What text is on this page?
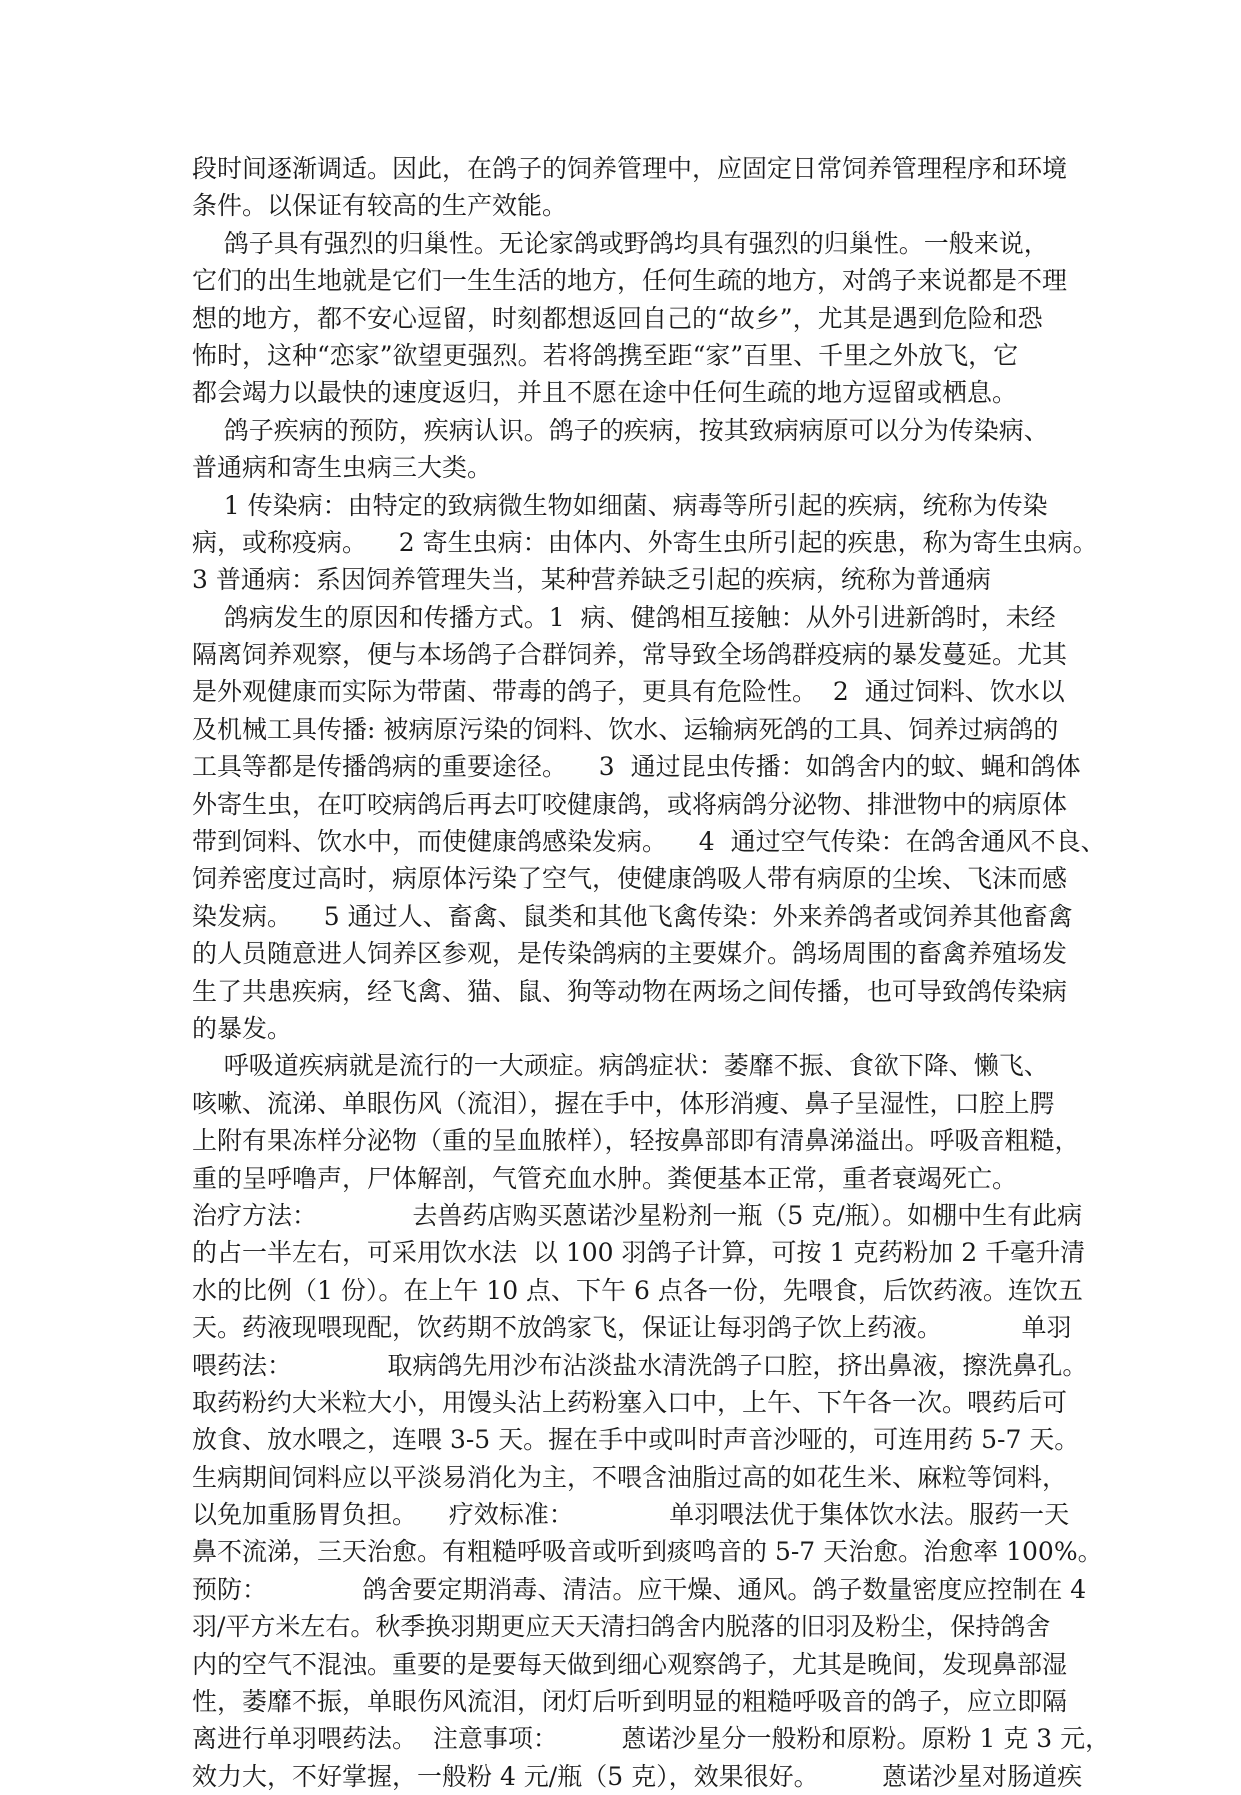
段时间逐渐调适。因此，在鸽子的饲养管理中，应固定日常饲养管理程序和环境
条件。以保证有较高的生产效能。
鸽子具有强烈的归巢性。无论家鸽或野鸽均具有强烈的归巢性。一般来说，
它们的出生地就是它们一生生活的地方，任何生疏的地方，对鸽子来说都是不理
想的地方，都不安心逗留，时刻都想返回自己的“故乡”，尤其是遇到危险和恐
怖时，这种“恋家”欲望更强烈。若将鸽携至距“家”百里、千里之外放飞，它
都会竭力以最快的速度返归，并且不愿在途中任何生疏的地方逗留或栖息。
鸽子疾病的预防，疾病认识。鸽子的疾病，按其致病病原可以分为传染病、
普通病和寄生虫病三大类。
1 传染病：由特定的致病微生物如细菌、病毒等所引起的疾病，统称为传染
病，或称疫病。    2 寄生虫病：由体内、外寄生虫所引起的疾患，称为寄生虫病。
3 普通病：系因饲养管理失当，某种营养缺乏引起的疾病，统称为普通病
鸽病发生的原因和传播方式。1  病、健鸽相互接触：从外引进新鸽时，未经
隔离饲养观察，便与本场鸽子合群饲养，常导致全场鸽群疫病的暴发蔓延。尤其
是外观健康而实际为带菌、带毒的鸽子，更具有危险性。  2  通过饲料、饮水以
及机械工具传播: 被病原污染的饲料、饮水、运输病死鸽的工具、饲养过病鸽的
工具等都是传播鸽病的重要途径。    3  通过昆虫传播：如鸽舍内的蚊、蝇和鸽体
外寄生虫，在叮咬病鸽后再去叮咬健康鸽，或将病鸽分泌物、排泄物中的病原体
带到饲料、饮水中，而使健康鸽感染发病。    4  通过空气传染：在鸽舍通风不良、
饲养密度过高时，病原体污染了空气，使健康鸽吸人带有病原的尘埃、飞沫而感
染发病。    5 通过人、畜禽、鼠类和其他飞禽传染：外来养鸽者或饲养其他畜禽
的人员随意进人饲养区参观，是传染鸽病的主要媒介。鸽场周围的畜禽养殖场发
生了共患疾病，经飞禽、猫、鼠、狗等动物在两场之间传播，也可导致鸽传染病
的暴发。
呼吸道疾病就是流行的一大顽症。病鸽症状：萎靡不振、食欲下降、懒飞、
咳嗽、流涕、单眼伤风（流泪），握在手中，体形消瘦、鼻子呈湿性，口腔上腭
上附有果冻样分泌物（重的呈血脓样），轻按鼻部即有清鼻涕溢出。呼吸音粗糙，
重的呈呼噜声，尸体解剖，气管充血水肿。粪便基本正常，重者衰竭死亡。
治疗方法：            去兽药店购买蒽诺沙星粉剂一瓶（5 克/瓶）。如棚中生有此病
的占一半左右，可采用饮水法  以 100 羽鸽子计算，可按 1 克药粉加 2 千毫升清
水的比例（1 份）。在上午 10 点、下午 6 点各一份，先喂食，后饮药液。连饮五
天。药液现喂现配，饮药期不放鸽家飞，保证让每羽鸽子饮上药液。          单羽
喂药法：            取病鸽先用沙布沾淡盐水清洗鸽子口腔，挤出鼻液，擦洗鼻孔。
取药粉约大米粒大小，用馒头沾上药粉塞入口中，上午、下午各一次。喂药后可
放食、放水喂之，连喂 3-5 天。握在手中或叫时声音沙哑的，可连用药 5-7 天。
生病期间饲料应以平淡易消化为主，不喂含油脂过高的如花生米、麻粒等饲料，
以免加重肠胃负担。    疗效标准：            单羽喂法优于集体饮水法。服药一天
鼻不流涕，三天治愈。有粗糙呼吸音或听到痰鸣音的 5-7 天治愈。治愈率 100%。
预防：            鸽舍要定期消毒、清洁。应干燥、通风。鸽子数量密度应控制在 4
羽/平方米左右。秋季换羽期更应天天清扫鸽舍内脱落的旧羽及粉尘，保持鸽舍
内的空气不混浊。重要的是要每天做到细心观察鸽子，尤其是晚间，发现鼻部湿
性，萎靡不振，单眼伤风流泪，闭灯后听到明显的粗糙呼吸音的鸽子，应立即隔
离进行单羽喂药法。  注意事项：        蒽诺沙星分一般粉和原粉。原粉 1 克 3 元，
效力大，不好掌握，一般粉 4 元/瓶（5 克），效果很好。        蒽诺沙星对肠道疾
